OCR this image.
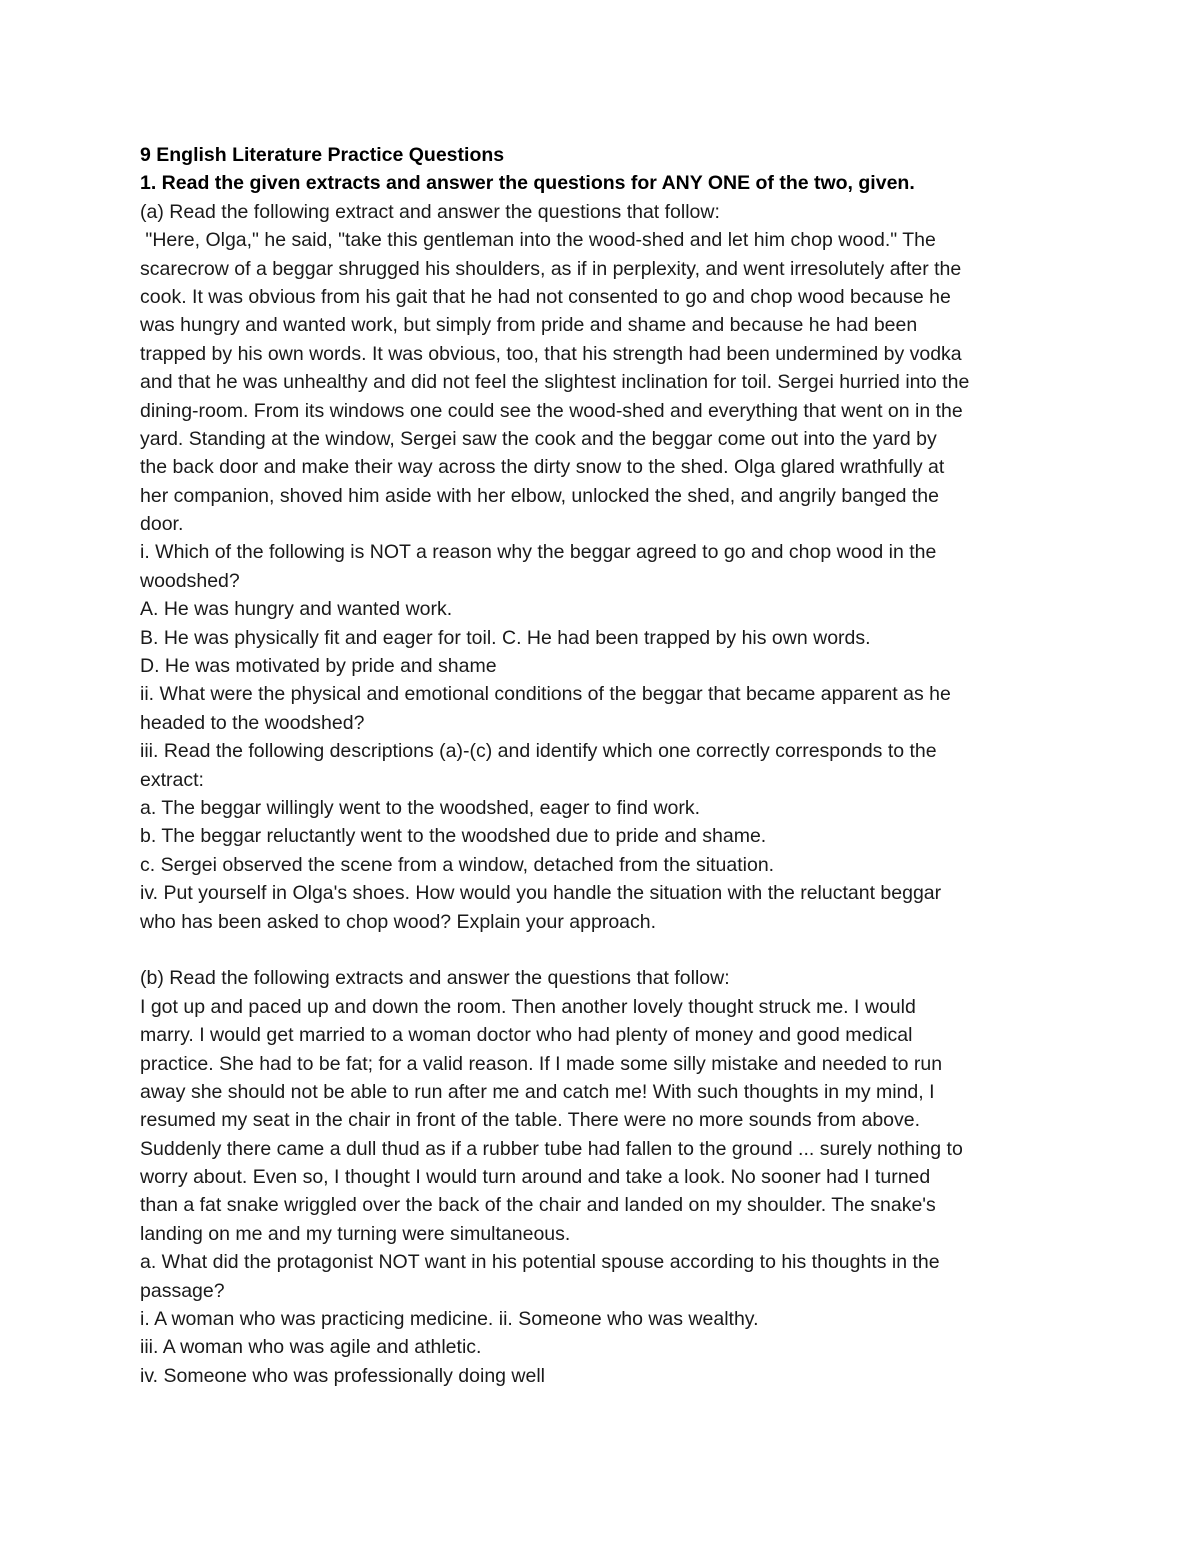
9 English Literature Practice Questions
1. Read the given extracts and answer the questions for ANY ONE of the two, given.
(a) Read the following extract and answer the questions that follow:
"Here, Olga," he said, "take this gentleman into the wood-shed and let him chop wood." The
scarecrow of a beggar shrugged his shoulders, as if in perplexity, and went irresolutely after the
cook. It was obvious from his gait that he had not consented to go and chop wood because he
was hungry and wanted work, but simply from pride and shame and because he had been
trapped by his own words. It was obvious, too, that his strength had been undermined by vodka
and that he was unhealthy and did not feel the slightest inclination for toil. Sergei hurried into the
dining-room. From its windows one could see the wood-shed and everything that went on in the
yard. Standing at the window, Sergei saw the cook and the beggar come out into the yard by
the back door and make their way across the dirty snow to the shed. Olga glared wrathfully at
her companion, shoved him aside with her elbow, unlocked the shed, and angrily banged the
door.
i. Which of the following is NOT a reason why the beggar agreed to go and chop wood in the
woodshed?
A. He was hungry and wanted work.
B. He was physically fit and eager for toil. C. He had been trapped by his own words.
D. He was motivated by pride and shame
ii. What were the physical and emotional conditions of the beggar that became apparent as he
headed to the woodshed?
iii. Read the following descriptions (a)-(c) and identify which one correctly corresponds to the
extract:
a. The beggar willingly went to the woodshed, eager to find work.
b. The beggar reluctantly went to the woodshed due to pride and shame.
c. Sergei observed the scene from a window, detached from the situation.
iv. Put yourself in Olga's shoes. How would you handle the situation with the reluctant beggar
who has been asked to chop wood? Explain your approach.
(b) Read the following extracts and answer the questions that follow:
I got up and paced up and down the room. Then another lovely thought struck me. I would
marry. I would get married to a woman doctor who had plenty of money and good medical
practice. She had to be fat; for a valid reason. If I made some silly mistake and needed to run
away she should not be able to run after me and catch me! With such thoughts in my mind, I
resumed my seat in the chair in front of the table. There were no more sounds from above.
Suddenly there came a dull thud as if a rubber tube had fallen to the ground ... surely nothing to
worry about. Even so, I thought I would turn around and take a look. No sooner had I turned
than a fat snake wriggled over the back of the chair and landed on my shoulder. The snake's
landing on me and my turning were simultaneous.
a. What did the protagonist NOT want in his potential spouse according to his thoughts in the
passage?
i. A woman who was practicing medicine. ii. Someone who was wealthy.
iii. A woman who was agile and athletic.
iv. Someone who was professionally doing well
